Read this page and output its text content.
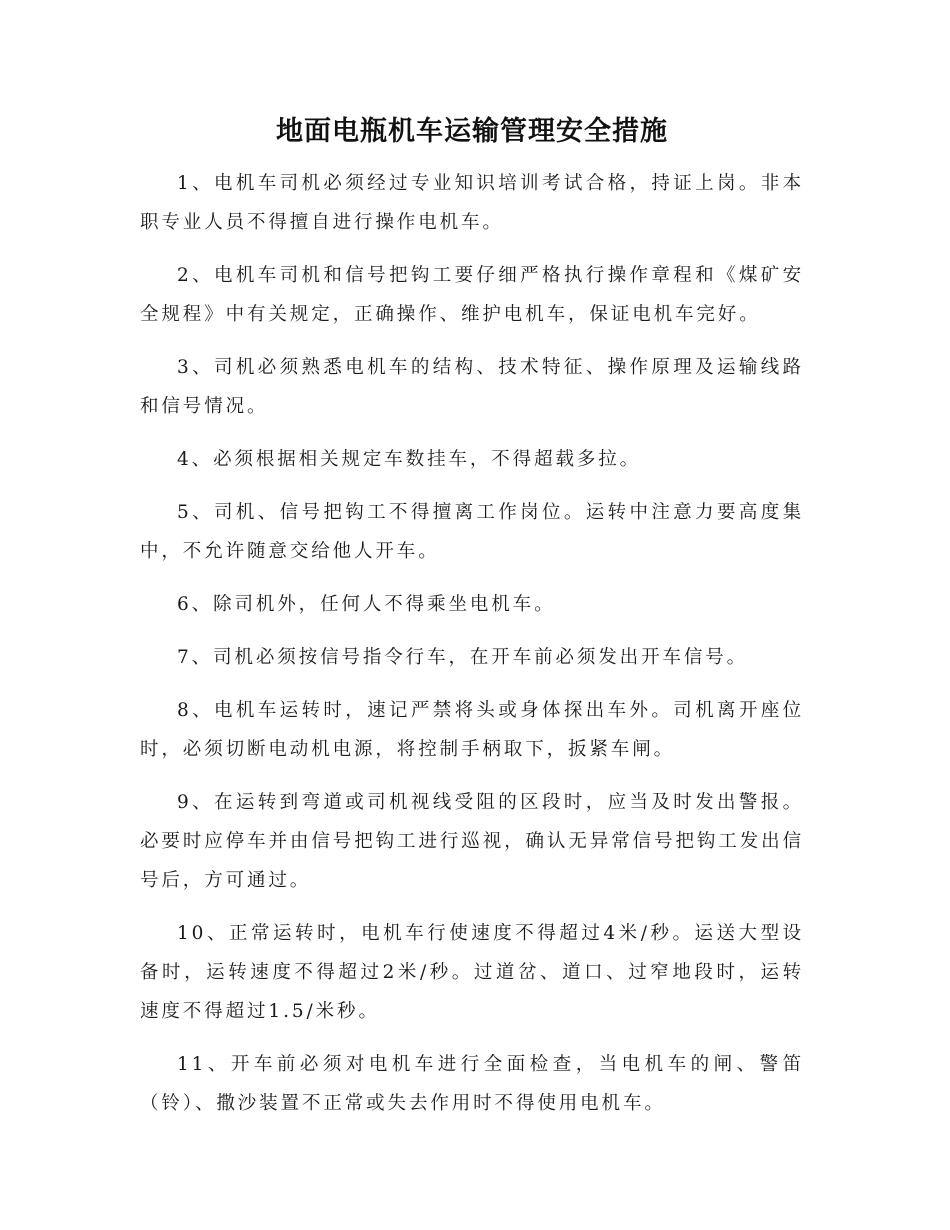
地面电瓶机车运输管理安全措施

1、电机车司机必须经过专业知识培训考试合格，持证上岗。非本职专业人员不得擅自进行操作电机车。

2、电机车司机和信号把钩工要仔细严格执行操作章程和《煤矿安全规程》中有关规定，正确操作、维护电机车，保证电机车完好。

3、司机必须熟悉电机车的结构、技术特征、操作原理及运输线路和信号情况。

4、必须根据相关规定车数挂车，不得超载多拉。

5、司机、信号把钩工不得擅离工作岗位。运转中注意力要高度集中，不允许随意交给他人开车。

6、除司机外，任何人不得乘坐电机车。

7、司机必须按信号指令行车，在开车前必须发出开车信号。

8、电机车运转时，速记严禁将头或身体探出车外。司机离开座位时，必须切断电动机电源，将控制手柄取下，扳紧车闸。

9、在运转到弯道或司机视线受阻的区段时，应当及时发出警报。必要时应停车并由信号把钩工进行巡视，确认无异常信号把钩工发出信号后，方可通过。

10、正常运转时，电机车行使速度不得超过4米/秒。运送大型设备时，运转速度不得超过2米/秒。过道岔、道口、过窄地段时，运转速度不得超过1.5/米秒。

11、开车前必须对电机车进行全面检查，当电机车的闸、警笛（铃）、撒沙装置不正常或失去作用时不得使用电机车。
